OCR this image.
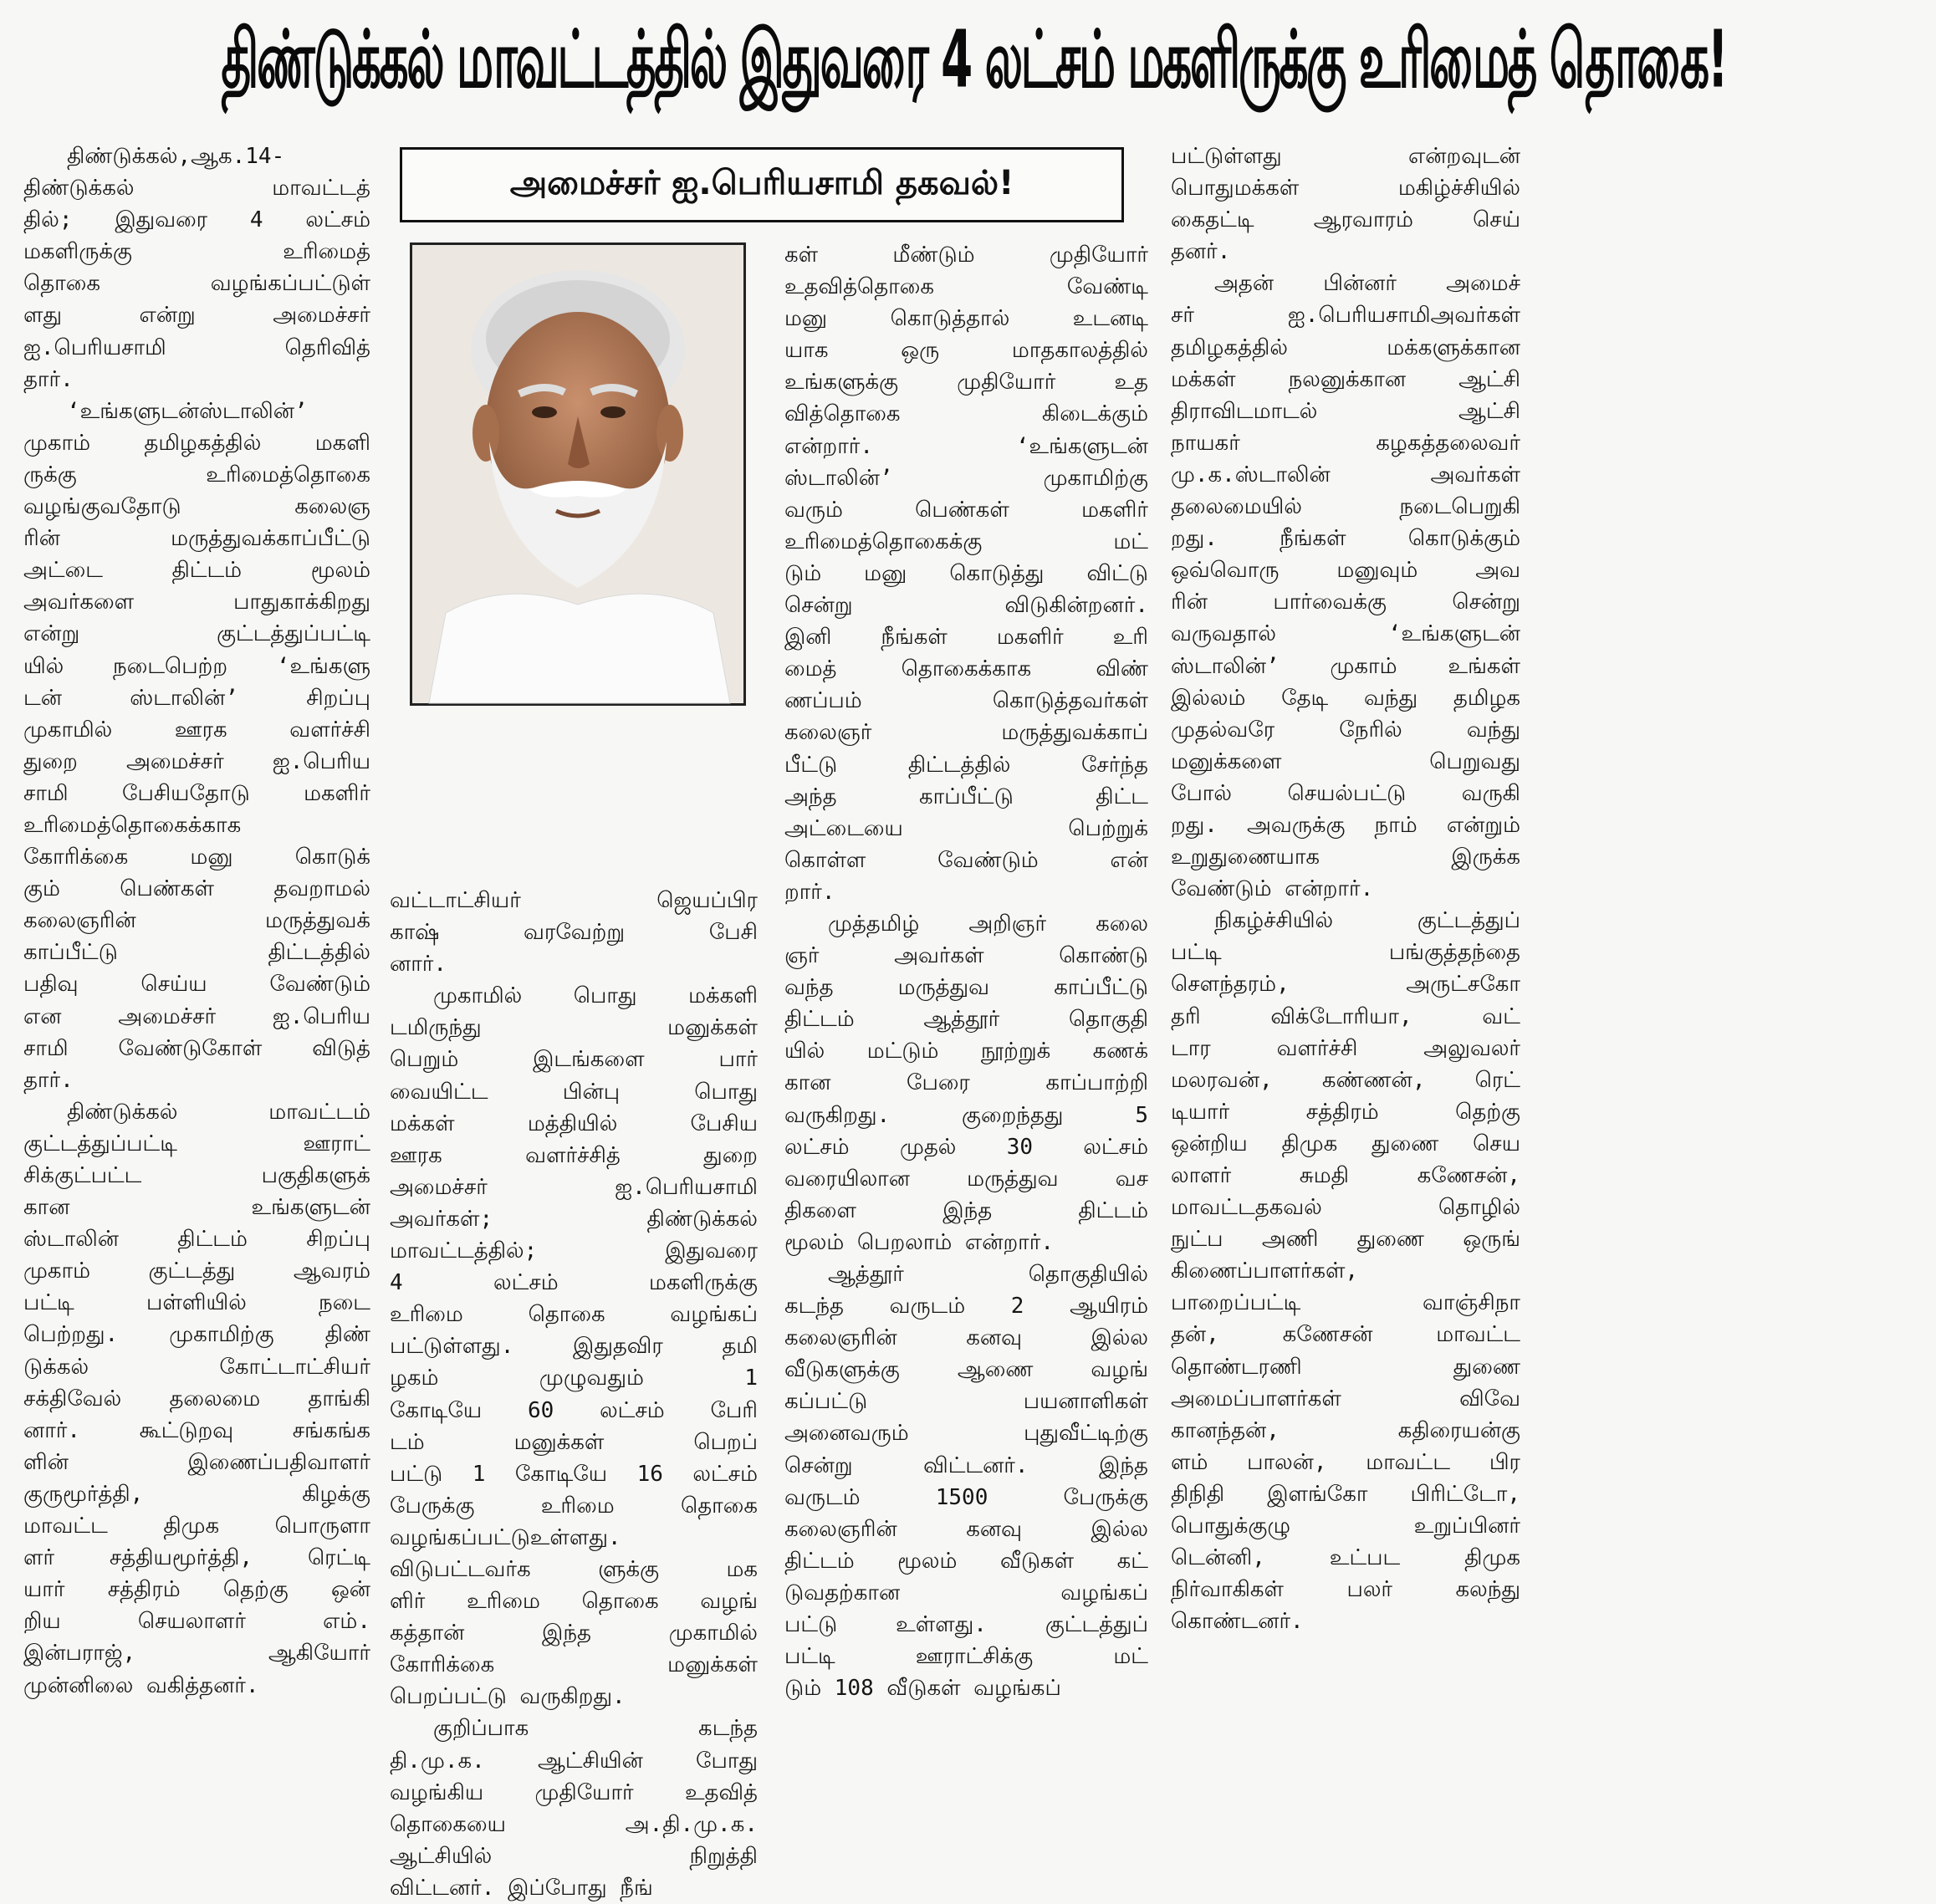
திண்டுக்கல் மாவட்டத்தில் இதுவரை 4 லட்சம் மகளிருக்கு உரிமைத் தொகை!
அமைச்சர் ஐ.பெரியசாமி தகவல்!
திண்டுக்கல்,ஆக.14-
திண்டுக்கல் மாவட்டத்
தில்; இதுவரை 4 லட்சம்
மகளிருக்கு உரிமைத்
தொகை வழங்கப்பட்டுள்
ளது என்று அமைச்சர்
ஐ.பெரியசாமி தெரிவித்
தார்.
‘உங்களுடன்ஸ்டாலின்’
முகாம் தமிழகத்தில் மகளி
ருக்கு உரிமைத்தொகை
வழங்குவதோடு கலைஞ
ரின் மருத்துவக்காப்பீட்டு
அட்டை திட்டம் மூலம்
அவர்களை பாதுகாக்கிறது
என்று குட்டத்துப்பட்டி
யில் நடைபெற்ற ‘உங்களு
டன் ஸ்டாலின்’ சிறப்பு
முகாமில் ஊரக வளர்ச்சி
துறை அமைச்சர் ஐ.பெரிய
சாமி பேசியதோடு மகளிர்
உரிமைத்தொகைக்காக
கோரிக்கை மனு கொடுக்
கும் பெண்கள் தவறாமல்
கலைஞரின் மருத்துவக்
காப்பீட்டு திட்டத்தில்
பதிவு செய்ய வேண்டும்
என அமைச்சர் ஐ.பெரிய
சாமி வேண்டுகோள் விடுத்
தார்.
திண்டுக்கல் மாவட்டம்
குட்டத்துப்பட்டி ஊராட்
சிக்குட்பட்ட பகுதிகளுக்
கான உங்களுடன்
ஸ்டாலின் திட்டம் சிறப்பு
முகாம் குட்டத்து ஆவரம்
பட்டி பள்ளியில் நடை
பெற்றது. முகாமிற்கு திண்
டுக்கல் கோட்டாட்சியர்
சக்திவேல் தலைமை தாங்கி
னார். கூட்டுறவு சங்கங்க
ளின் இணைப்பதிவாளர்
குருமூர்த்தி, கிழக்கு
மாவட்ட திமுக பொருளா
ளர் சத்தியமூர்த்தி, ரெட்டி
யார் சத்திரம் தெற்கு ஒன்
றிய செயலாளர் எம்.
இன்பராஜ், ஆகியோர்
முன்னிலை வகித்தனர்.
வட்டாட்சியர் ஜெயப்பிர
காஷ் வரவேற்று பேசி
னார்.
முகாமில் பொது மக்களி
டமிருந்து மனுக்கள்
பெறும் இடங்களை பார்
வையிட்ட பின்பு பொது
மக்கள் மத்தியில் பேசிய
ஊரக வளர்ச்சித் துறை
அமைச்சர் ஐ.பெரியசாமி
அவர்கள்; திண்டுக்கல்
மாவட்டத்தில்; இதுவரை
4 லட்சம் மகளிருக்கு
உரிமை தொகை வழங்கப்
பட்டுள்ளது. இதுதவிர தமி
ழகம் முழுவதும் 1
கோடியே 60 லட்சம் பேரி
டம் மனுக்கள் பெறப்
பட்டு 1 கோடியே 16 லட்சம்
பேருக்கு உரிமை தொகை
வழங்கப்பட்டுஉள்ளது.
விடுபட்டவர்க ளுக்கு மக
ளிர் உரிமை தொகை வழங்
கத்தான் இந்த முகாமில்
கோரிக்கை மனுக்கள்
பெறப்பட்டு வருகிறது.
குறிப்பாக கடந்த
தி.மு.க. ஆட்சியின் போது
வழங்கிய முதியோர் உதவித்
தொகையை அ.தி.மு.க.
ஆட்சியில் நிறுத்தி
விட்டனர். இப்போது நீங்
கள் மீண்டும் முதியோர்
உதவித்தொகை வேண்டி
மனு கொடுத்தால் உடனடி
யாக ஒரு மாதகாலத்தில்
உங்களுக்கு முதியோர் உத
வித்தொகை கிடைக்கும்
என்றார். ‘உங்களுடன்
ஸ்டாலின்’ முகாமிற்கு
வரும் பெண்கள் மகளிர்
உரிமைத்தொகைக்கு மட்
டும் மனு கொடுத்து விட்டு
சென்று விடுகின்றனர்.
இனி நீங்கள் மகளிர் உரி
மைத் தொகைக்காக விண்
ணப்பம் கொடுத்தவர்கள்
கலைஞர் மருத்துவக்காப்
பீட்டு திட்டத்தில் சேர்ந்த
அந்த காப்பீட்டு திட்ட
அட்டையை பெற்றுக்
கொள்ள வேண்டும் என்
றார்.
முத்தமிழ் அறிஞர் கலை
ஞர் அவர்கள் கொண்டு
வந்த மருத்துவ காப்பீட்டு
திட்டம் ஆத்தூர் தொகுதி
யில் மட்டும் நூற்றுக் கணக்
கான பேரை காப்பாற்றி
வருகிறது. குறைந்தது 5
லட்சம் முதல் 30 லட்சம்
வரையிலான மருத்துவ வச
திகளை இந்த திட்டம்
மூலம் பெறலாம் என்றார்.
ஆத்தூர் தொகுதியில்
கடந்த வருடம் 2 ஆயிரம்
கலைஞரின் கனவு இல்ல
வீடுகளுக்கு ஆணை வழங்
கப்பட்டு பயனாளிகள்
அனைவரும் புதுவீட்டிற்கு
சென்று விட்டனர். இந்த
வருடம் 1500 பேருக்கு
கலைஞரின் கனவு இல்ல
திட்டம் மூலம் வீடுகள் கட்
டுவதற்கான வழங்கப்
பட்டு உள்ளது. குட்டத்துப்
பட்டி ஊராட்சிக்கு மட்
டும் 108 வீடுகள் வழங்கப்
பட்டுள்ளது என்றவுடன்
பொதுமக்கள் மகிழ்ச்சியில்
கைதட்டி ஆரவாரம் செய்
தனர்.
அதன் பின்னர் அமைச்
சர் ஐ.பெரியசாமிஅவர்கள்
தமிழகத்தில் மக்களுக்கான
மக்கள் நலனுக்கான ஆட்சி
திராவிடமாடல் ஆட்சி
நாயகர் கழகத்தலைவர்
மு.க.ஸ்டாலின் அவர்கள்
தலைமையில் நடைபெறுகி
றது. நீங்கள் கொடுக்கும்
ஒவ்வொரு மனுவும் அவ
ரின் பார்வைக்கு சென்று
வருவதால் ‘உங்களுடன்
ஸ்டாலின்’ முகாம் உங்கள்
இல்லம் தேடி வந்து தமிழக
முதல்வரே நேரில் வந்து
மனுக்களை பெறுவது
போல் செயல்பட்டு வருகி
றது. அவருக்கு நாம் என்றும்
உறுதுணையாக இருக்க
வேண்டும் என்றார்.
நிகழ்ச்சியில் குட்டத்துப்
பட்டி பங்குத்தந்தை
சௌந்தரம், அருட்சகோ
தரி விக்டோரியா, வட்
டார வளர்ச்சி அலுவலர்
மலரவன், கண்ணன், ரெட்
டியார் சத்திரம் தெற்கு
ஒன்றிய திமுக துணை செய
லாளர் சுமதி கணேசன்,
மாவட்டதகவல் தொழில்
நுட்ப அணி துணை ஒருங்
கிணைப்பாளர்கள்,
பாறைப்பட்டி வாஞ்சிநா
தன், கணேசன் மாவட்ட
தொண்டரணி துணை
அமைப்பாளர்கள் விவே
கானந்தன், கதிரையன்கு
ளம் பாலன், மாவட்ட பிர
திநிதி இளங்கோ பிரிட்டோ,
பொதுக்குழு உறுப்பினர்
டென்னி, உட்பட திமுக
நிர்வாகிகள் பலர் கலந்து
கொண்டனர்.
